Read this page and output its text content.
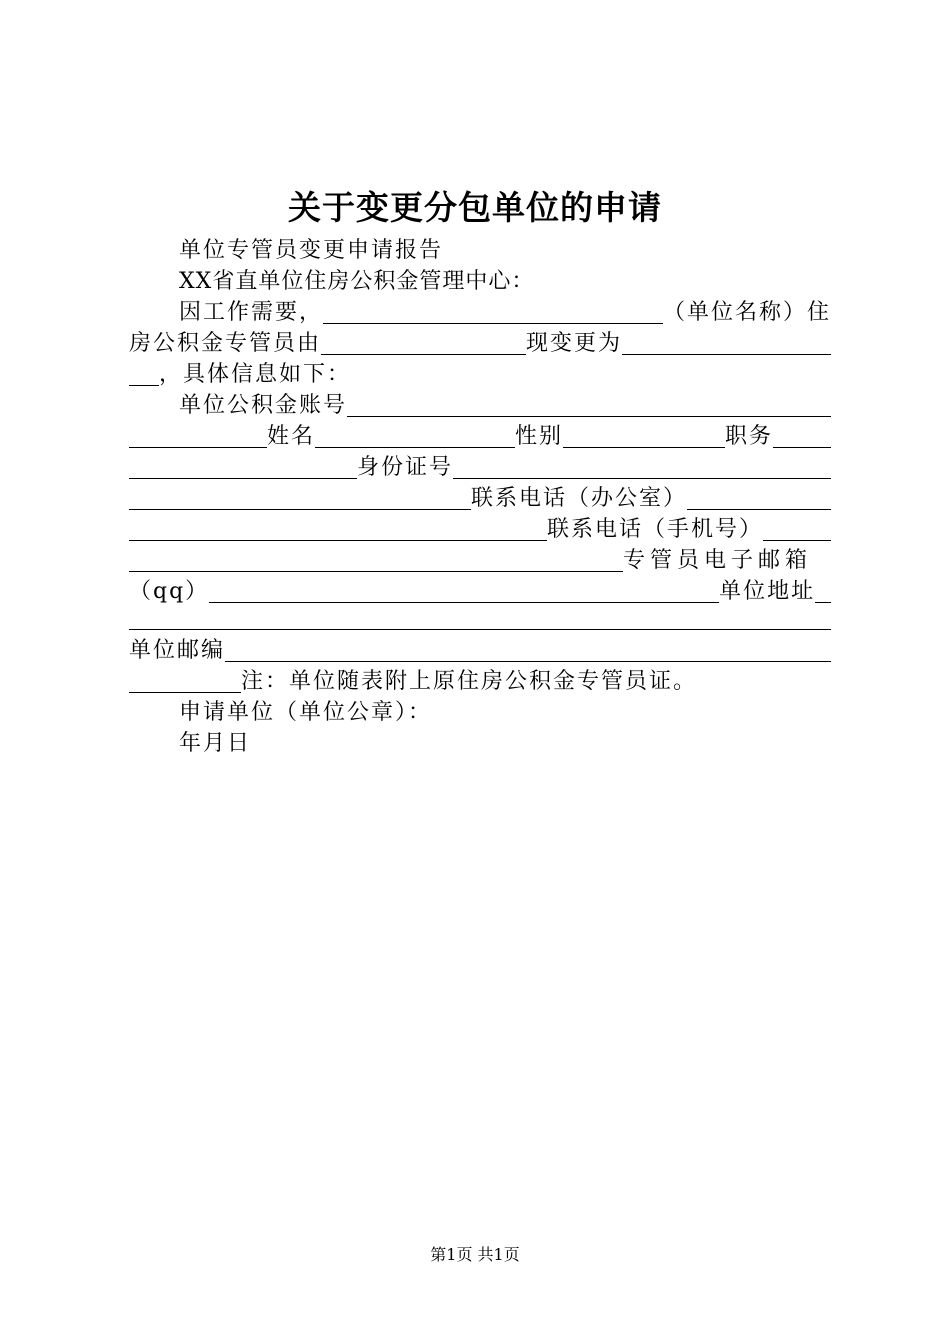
关于变更分包单位的申请
单位专管员变更申请报告
XX省直单位住房公积金管理中心：
因工作需要，	（单位名称）住
房公积金专管员由	现变更为
，具体信息如下：
单位公积金账号
姓名	性别	职务
身份证号
联系电话（办公室）
联系电话（手机号）
专管员电子邮箱
（qq）	单位地址
单位邮编
注：单位随表附上原住房公积金专管员证。
申请单位（单位公章）：
年月日
第1页 共1页
